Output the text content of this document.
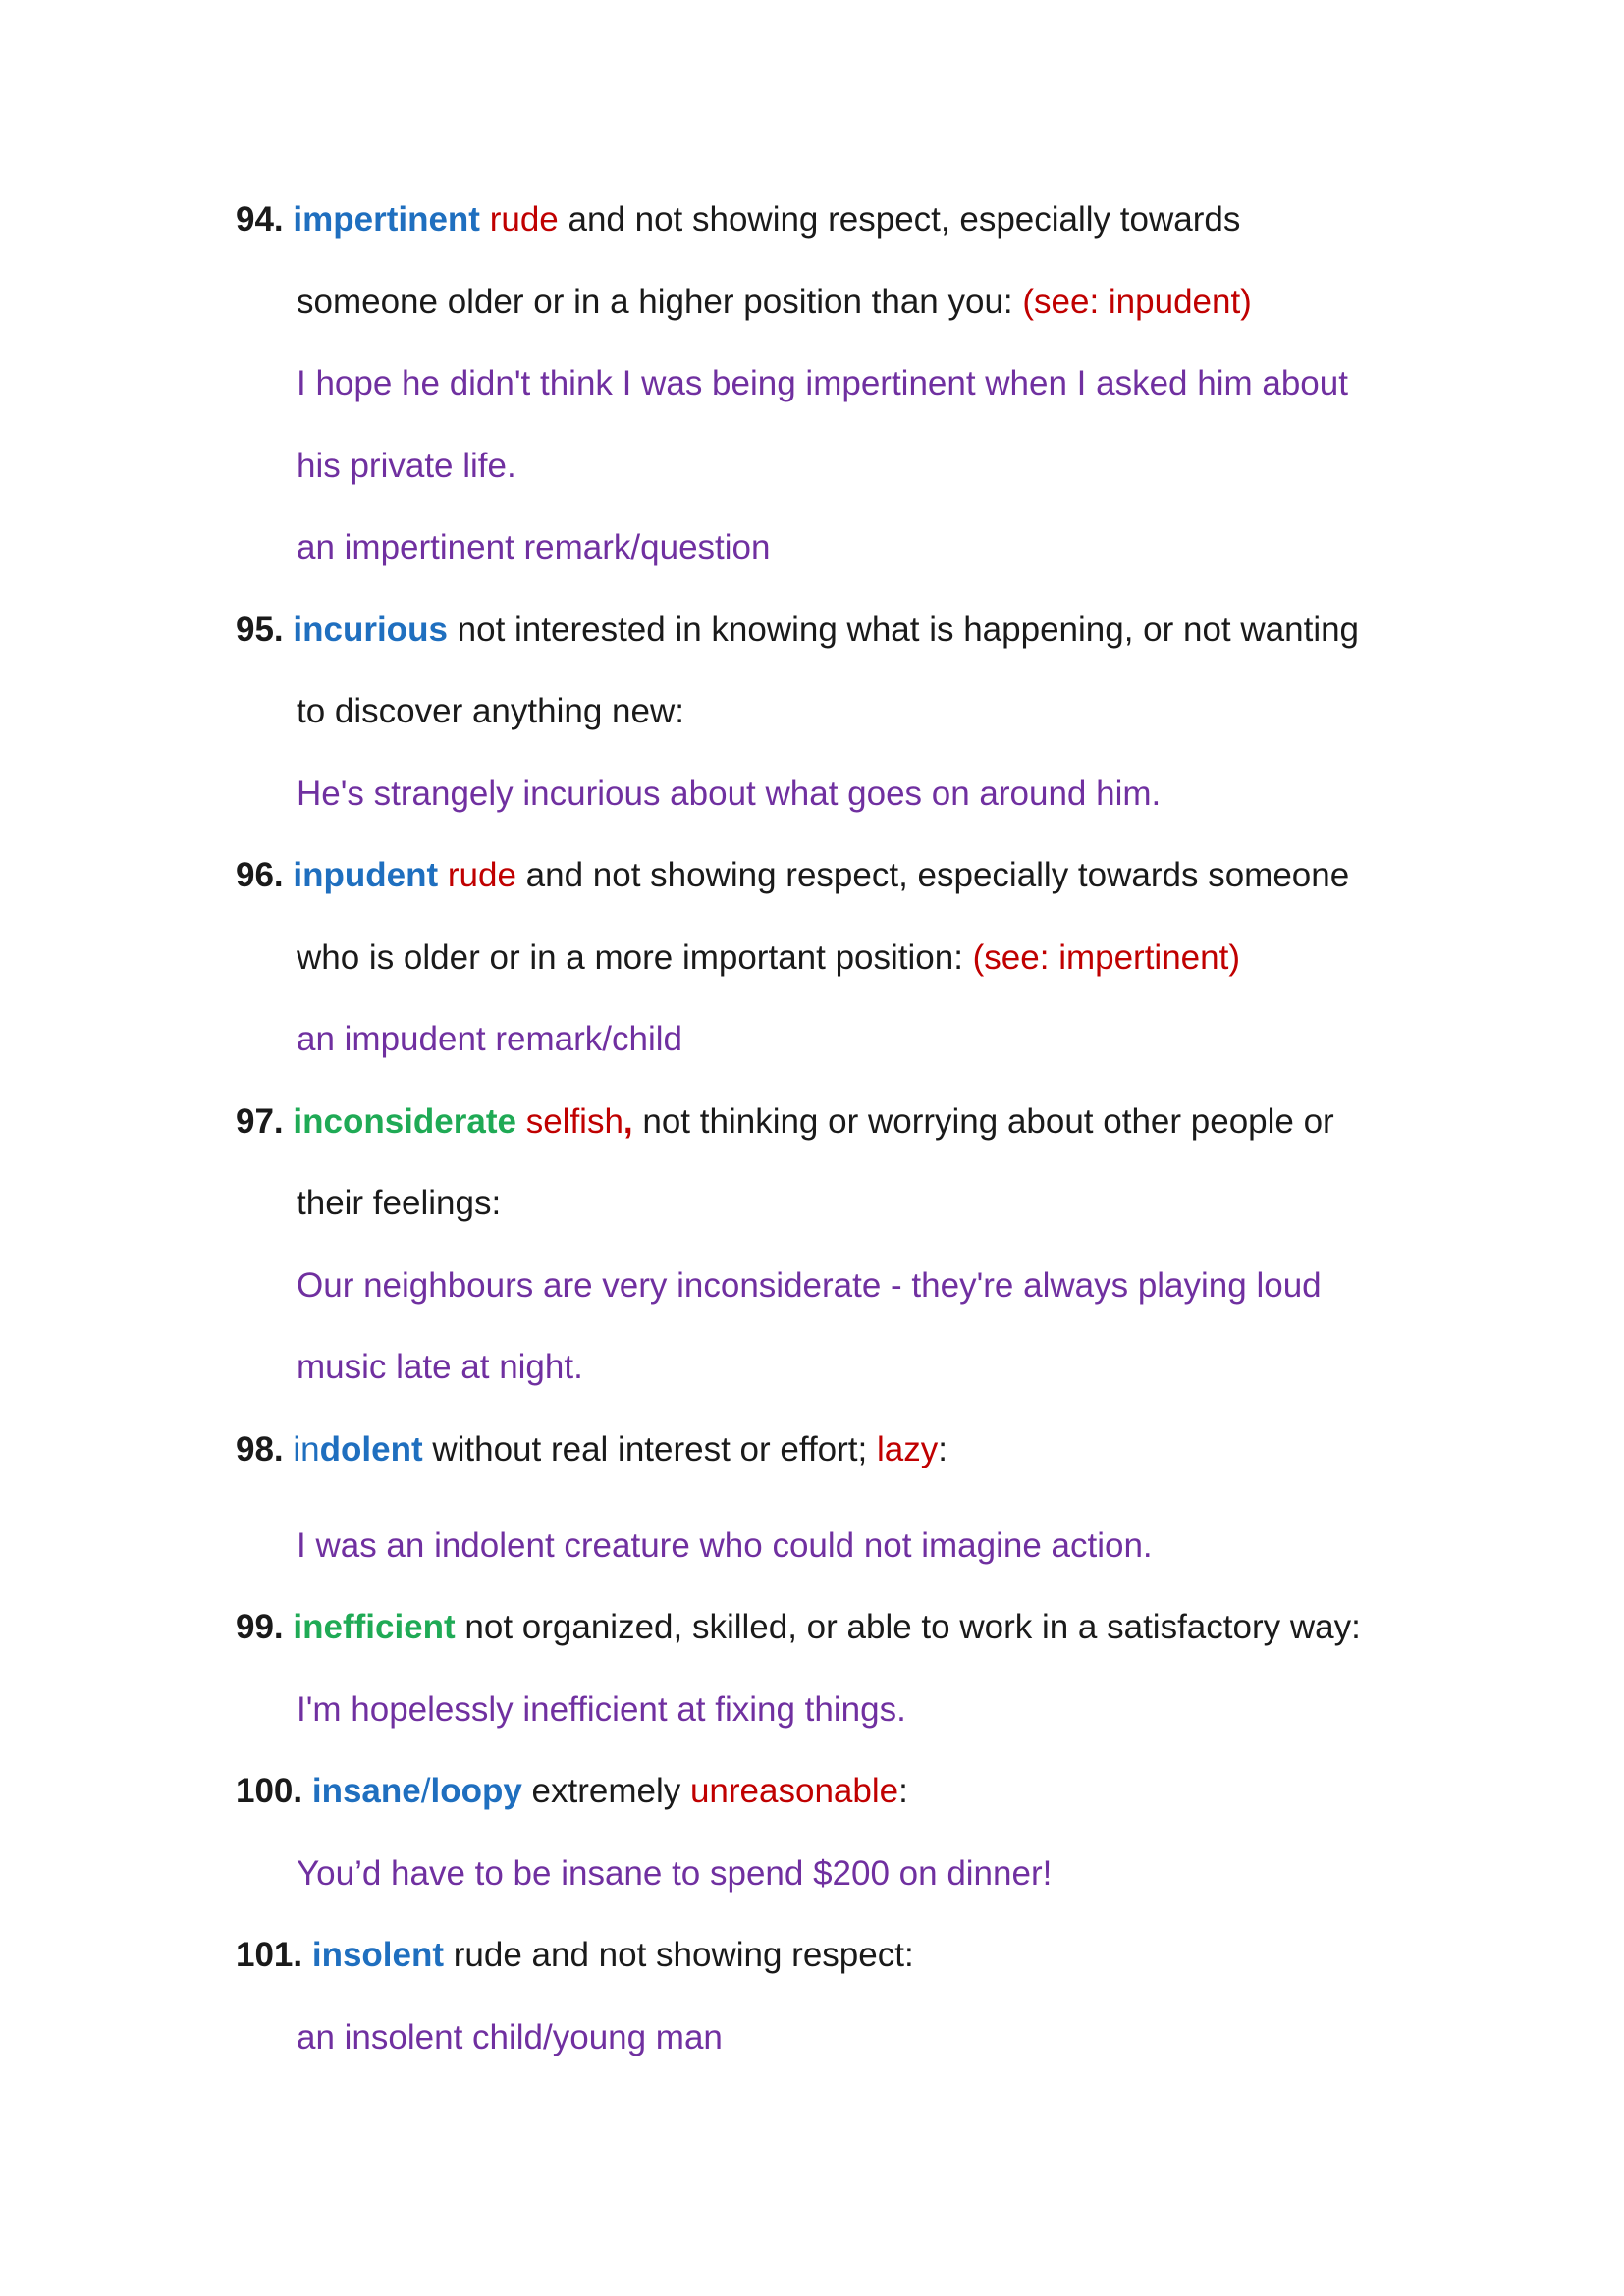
94. impertinent rude and not showing respect, especially towards
someone older or in a higher position than you: (see: inpudent)
I hope he didn't think I was being impertinent when I asked him about
his private life.
an impertinent remark/question
95. incurious not interested in knowing what is happening, or not wanting
to discover anything new:
He's strangely incurious about what goes on around him.
96. inpudent rude and not showing respect, especially towards someone
who is older or in a more important position: (see: impertinent)
an impudent remark/child
97. inconsiderate selfish, not thinking or worrying about other people or
their feelings:
Our neighbours are very inconsiderate - they're always playing loud
music late at night.
98. indolent without real interest or effort; lazy:
I was an indolent creature who could not imagine action.
99. inefficient not organized, skilled, or able to work in a satisfactory way:
I'm hopelessly inefficient at fixing things.
100. insane/loopy extremely unreasonable:
You’d have to be insane to spend $200 on dinner!
101. insolent rude and not showing respect:
an insolent child/young man
